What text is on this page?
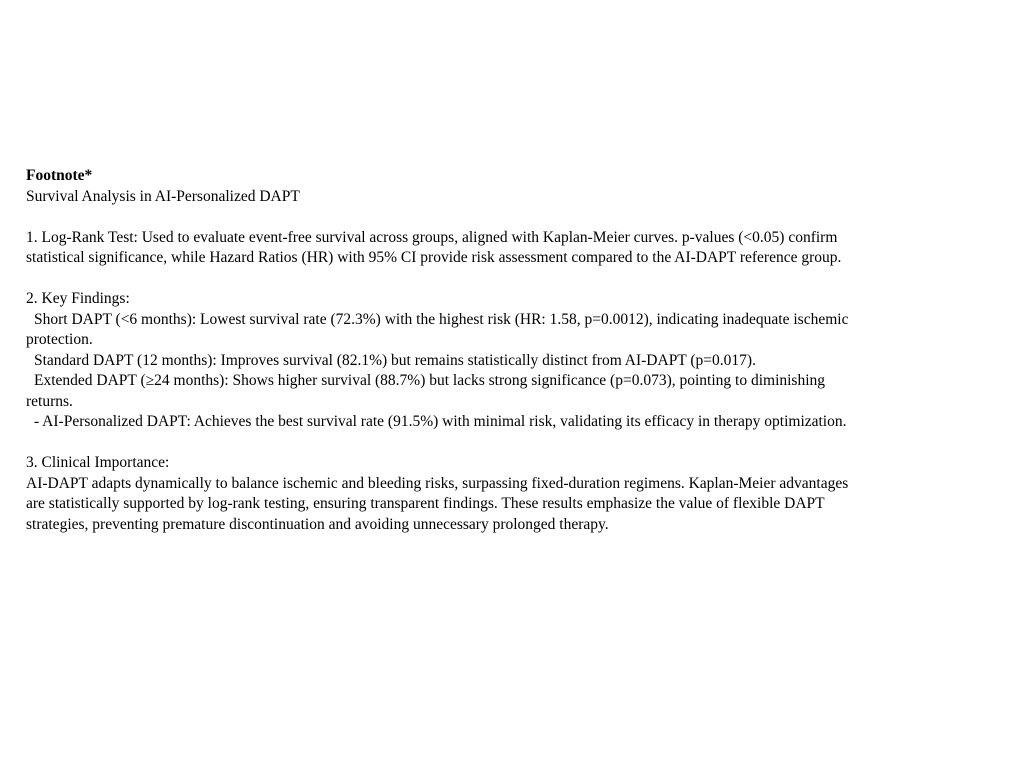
Footnote*
Survival Analysis in AI-Personalized DAPT
1. Log-Rank Test: Used to evaluate event-free survival across groups, aligned with Kaplan-Meier curves. p-values (<0.05) confirm
statistical significance, while Hazard Ratios (HR) with 95% CI provide risk assessment compared to the AI-DAPT reference group.
2. Key Findings:
Short DAPT (<6 months): Lowest survival rate (72.3%) with the highest risk (HR: 1.58, p=0.0012), indicating inadequate ischemic
protection.
Standard DAPT (12 months): Improves survival (82.1%) but remains statistically distinct from AI-DAPT (p=0.017).
Extended DAPT (≥24 months): Shows higher survival (88.7%) but lacks strong significance (p=0.073), pointing to diminishing
returns.
- AI-Personalized DAPT: Achieves the best survival rate (91.5%) with minimal risk, validating its efficacy in therapy optimization.
3. Clinical Importance:
AI-DAPT adapts dynamically to balance ischemic and bleeding risks, surpassing fixed-duration regimens. Kaplan-Meier advantages
are statistically supported by log-rank testing, ensuring transparent findings. These results emphasize the value of flexible DAPT
strategies, preventing premature discontinuation and avoiding unnecessary prolonged therapy.
